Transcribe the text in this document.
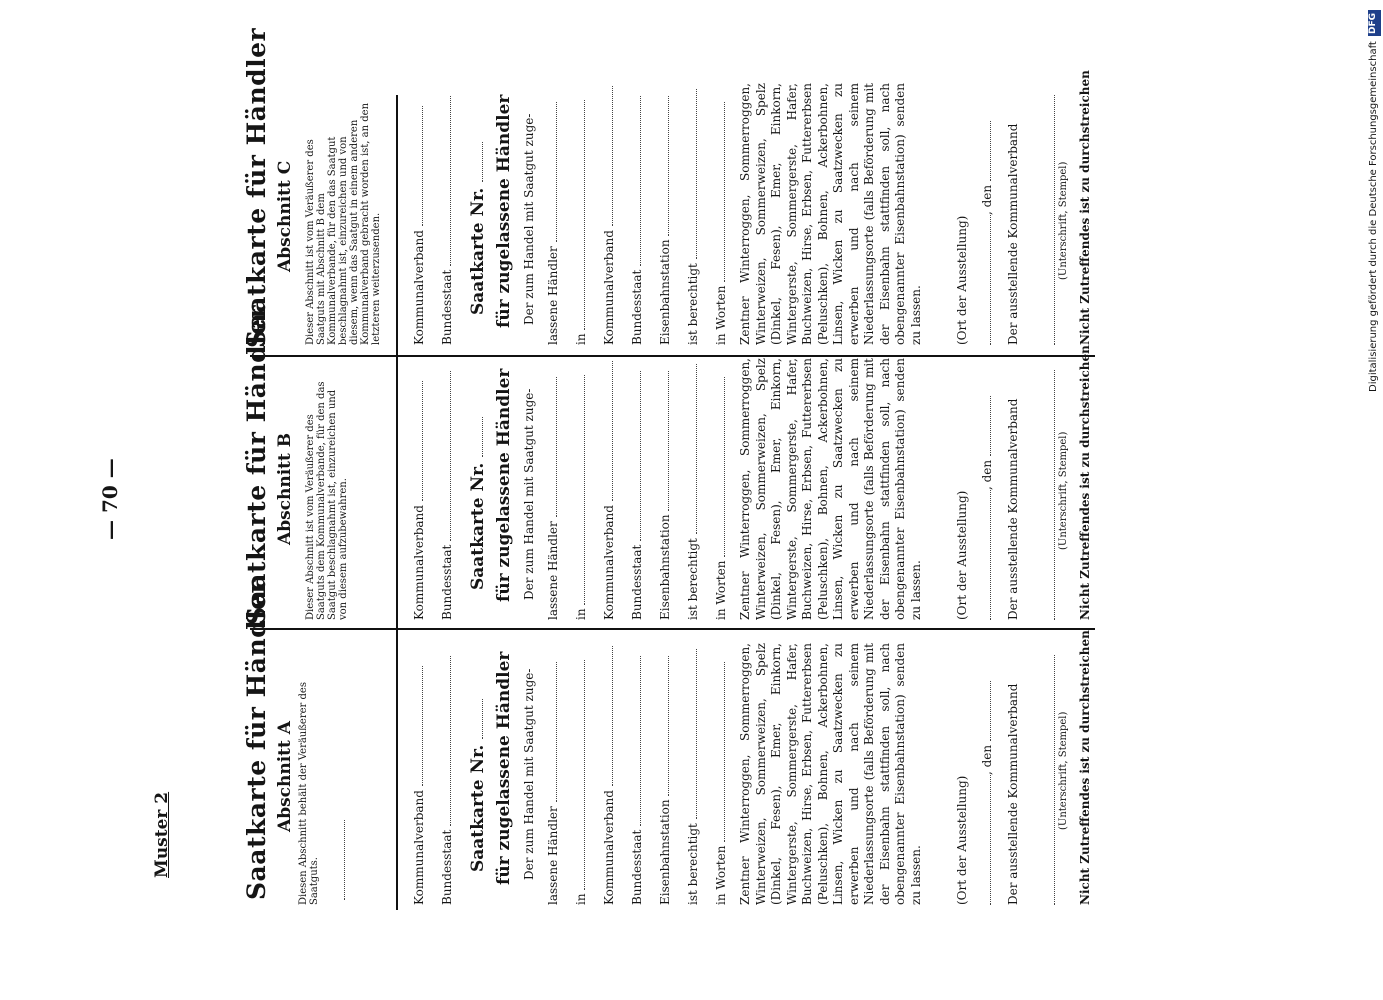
— 70 —
Muster 2
Digitalisierung gefördert durch die Deutsche Forschungsgemeinschaft
DFG
Saatkarte für Händler Abschnitt A Diesen Abschnitt behält der Veräußerer des Saatguts.	Kommunalverband Bundesstaat Saatkarte Nr. für zugelassene Händler Der zum Handel mit Saatgut zuge- lassene Händler in Kommunalverband Bundesstaat Eisenbahnstation ist berechtigt in Worten Zentner Winterroggen, Sommerroggen, Winterweizen, Sommerweizen, Spelz (Dinkel, Fesen), Emer, Einkorn, Wintergerste, Sommergerste, Hafer, Buchweizen, Hirse, Erbsen, Futtererbsen (Peluschken), Bohnen, Ackerbohnen, Linsen, Wicken zu Saatzwecken zu erwerben und nach seinem Niederlassungsorte (falls Beförderung mit der Eisenbahn stattfinden soll, nach obengenannter Eisenbahnstation) senden zu lassen.	(Ort der Ausstellung)
, den Der ausstellende Kommunalverband	(Unterschrift, Stempel) Nicht Zutreffendes ist zu durchstreichen
Saatkarte für Händler Abschnitt B Dieser Abschnitt ist vom Veräußerer des Saatguts dem Kommunalverbande, für den das Saatgut beschlagnahmt ist, einzureichen und von diesem aufzubewahren.	Kommunalverband Bundesstaat Saatkarte Nr. für zugelassene Händler Der zum Handel mit Saatgut zuge- lassene Händler in Kommunalverband Bundesstaat Eisenbahnstation ist berechtigt in Worten Zentner Winterroggen, Sommerroggen, Winterweizen, Sommerweizen, Spelz (Dinkel, Fesen), Emer, Einkorn, Wintergerste, Sommergerste, Hafer, Buchweizen, Hirse, Erbsen, Futtererbsen (Peluschken), Bohnen, Ackerbohnen, Linsen, Wicken zu Saatzwecken zu erwerben und nach seinem Niederlassungsorte (falls Beförderung mit der Eisenbahn stattfinden soll, nach obengenannter Eisenbahnstation) senden zu lassen.	(Ort der Ausstellung)
, den Der ausstellende Kommunalverband	(Unterschrift, Stempel) Nicht Zutreffendes ist zu durchstreichen
Saatkarte für Händler Abschnitt C Dieser Abschnitt ist vom Veräußerer des Saatguts mit Abschnitt B dem Kommunalverbande, für den das Saatgut beschlagnahmt ist, einzureichen und von diesem, wenn das Saatgut in einem anderen Kommunalverband gebracht worden ist, an den letzteren weiterzusenden.	Kommunalverband Bundesstaat Saatkarte Nr. für zugelassene Händler Der zum Handel mit Saatgut zuge- lassene Händler in Kommunalverband Bundesstaat Eisenbahnstation ist berechtigt in Worten Zentner Winterroggen, Sommerroggen, Winterweizen, Sommerweizen, Spelz (Dinkel, Fesen), Emer, Einkorn, Wintergerste, Sommergerste, Hafer, Buchweizen, Hirse, Erbsen, Futtererbsen (Peluschken), Bohnen, Ackerbohnen, Linsen, Wicken zu Saatzwecken zu erwerben und nach seinem Niederlassungsorte (falls Beförderung mit der Eisenbahn stattfinden soll, nach obengenannter Eisenbahnstation) senden zu lassen.	(Ort der Ausstellung)
, den Der ausstellende Kommunalverband	(Unterschrift, Stempel) Nicht Zutreffendes ist zu durchstreichen
